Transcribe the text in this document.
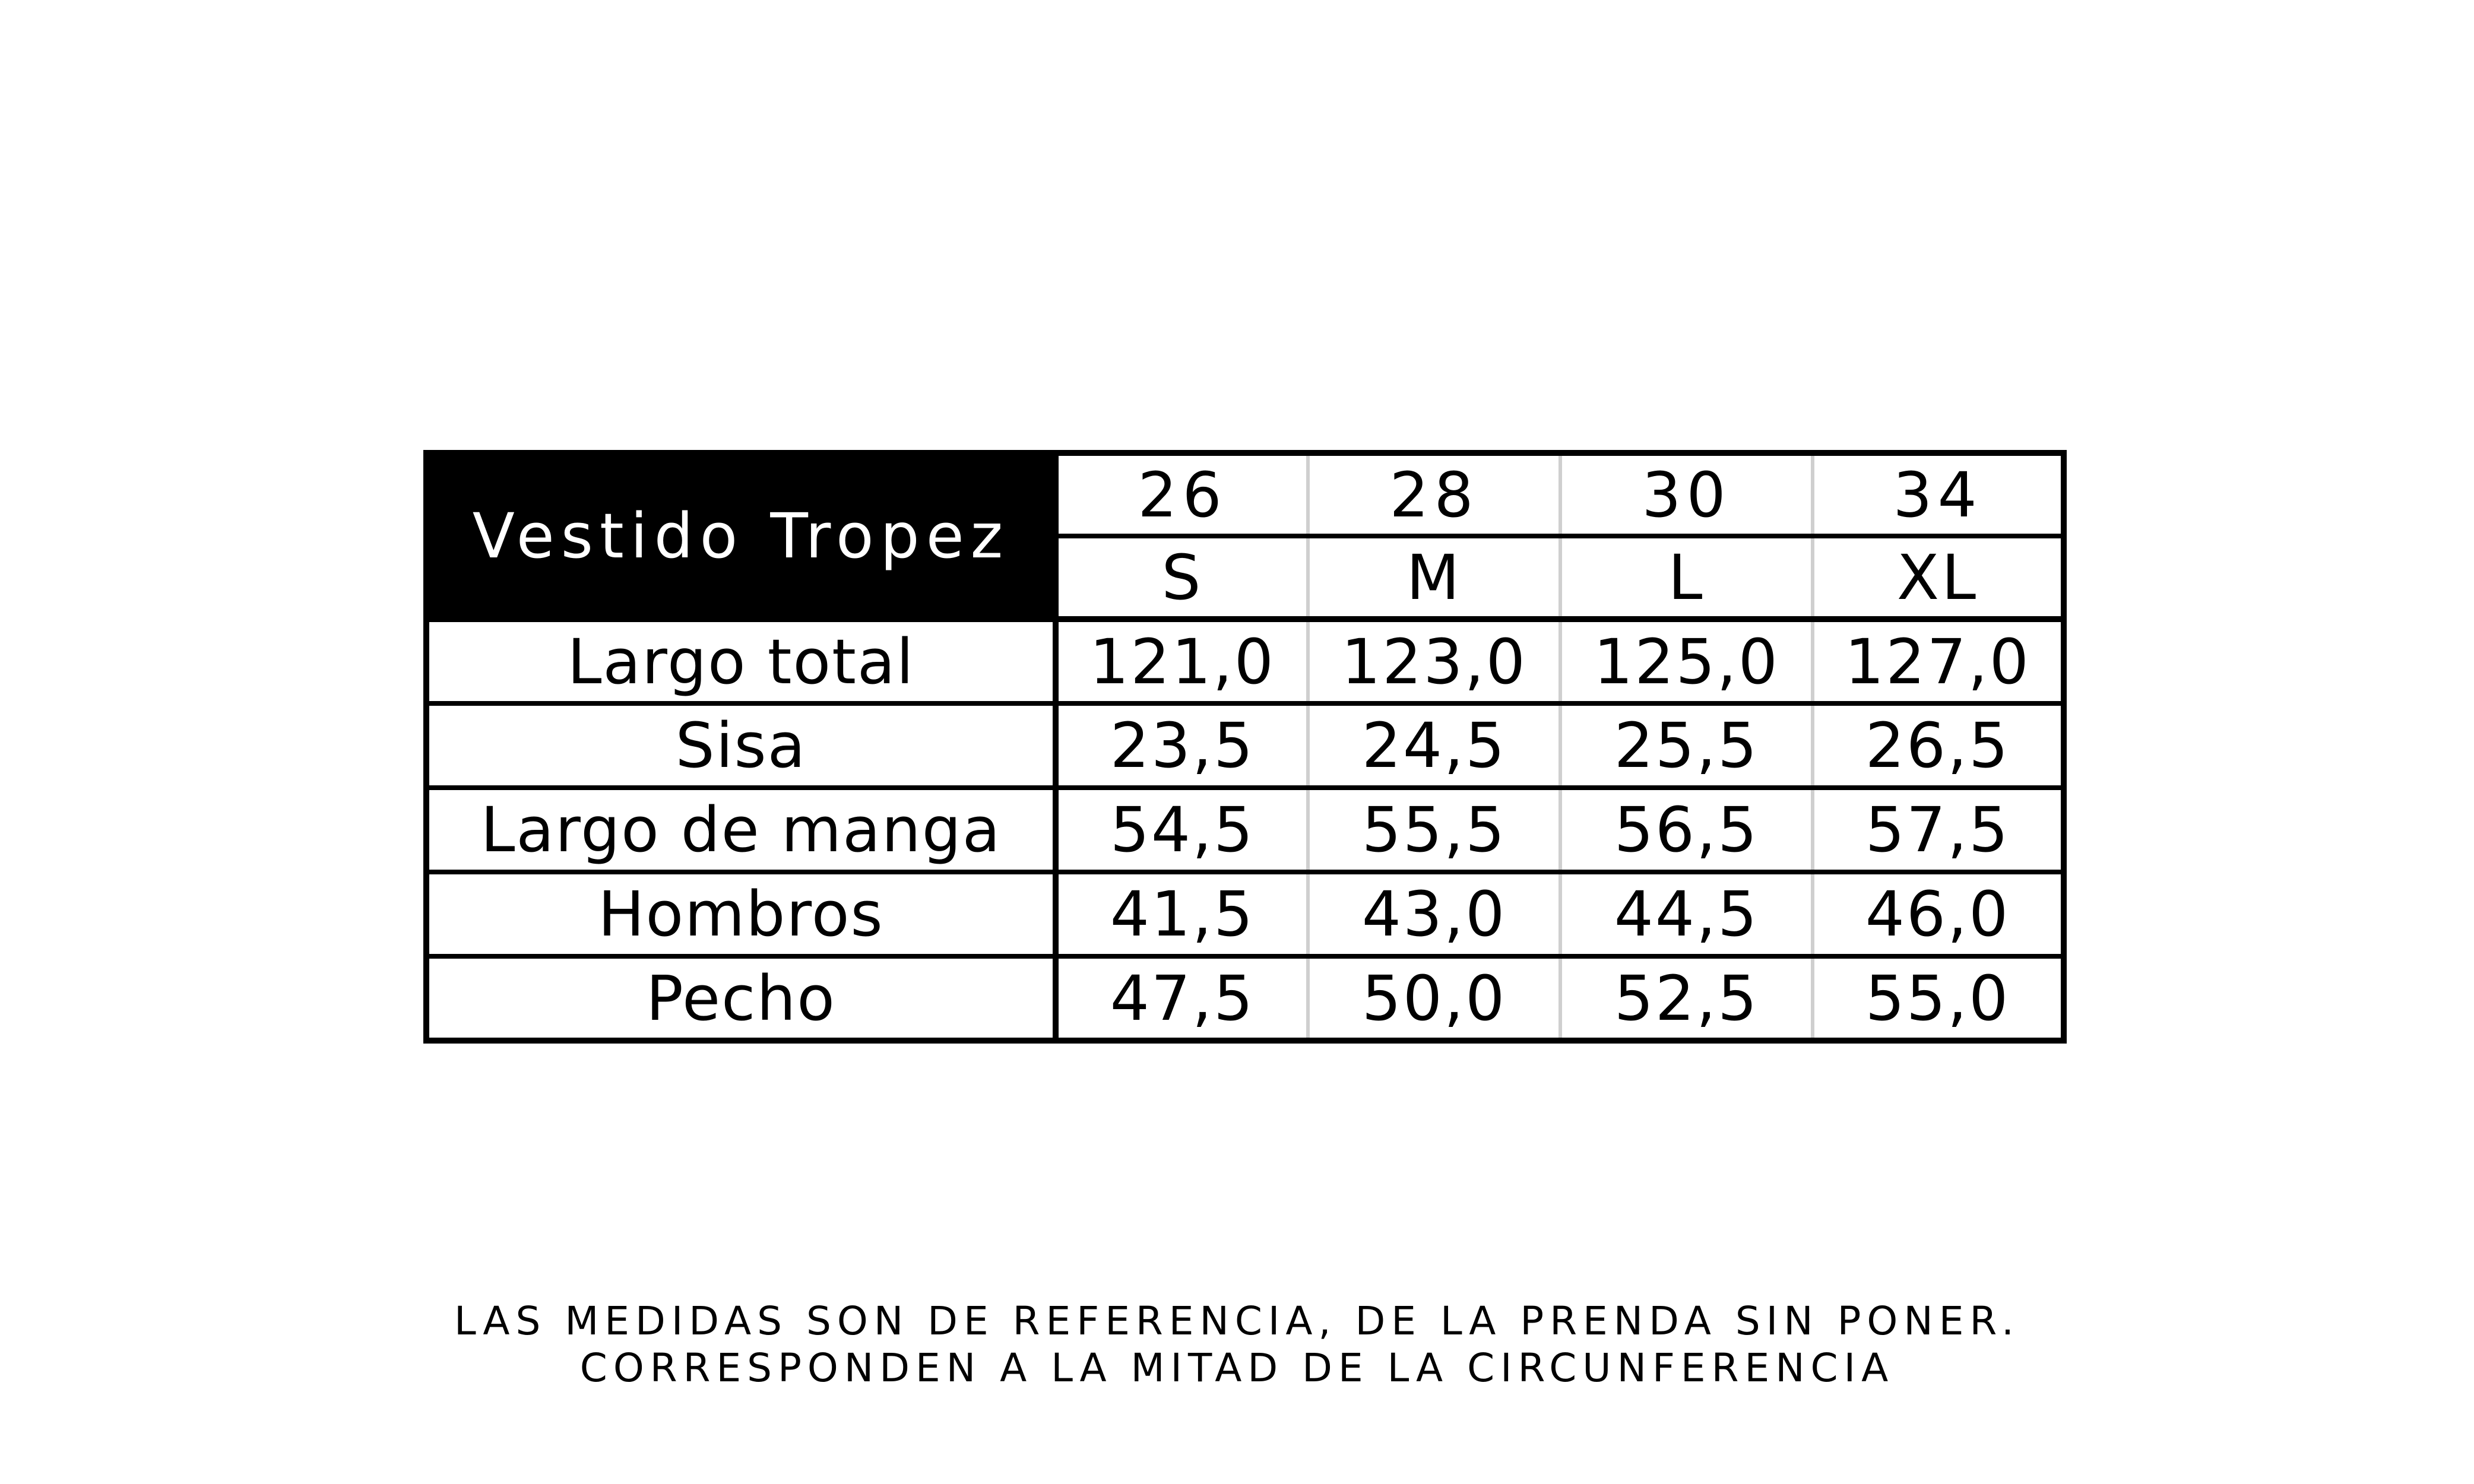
Vestido Tropez	26	28	30	34
	S	M	L	XL
Largo total	121,0	123,0	125,0	127,0
Sisa	23,5	24,5	25,5	26,5
Largo de manga	54,5	55,5	56,5	57,5
Hombros	41,5	43,0	44,5	46,0
Pecho	47,5	50,0	52,5	55,0
LAS MEDIDAS SON DE REFERENCIA, DE LA PRENDA SIN PONER.
CORRESPONDEN A LA MITAD DE LA CIRCUNFERENCIA
